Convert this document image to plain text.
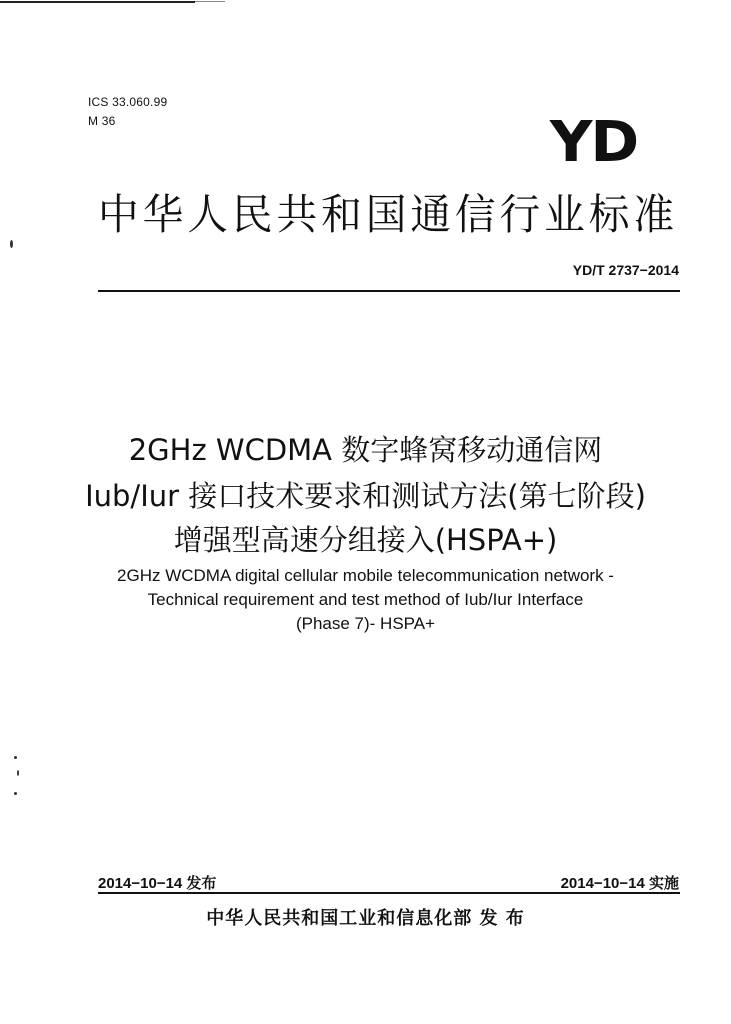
ICS 33.060.99
M 36	YD
中华人民共和国通信行业标准
YD/T 2737−2014
2GHz WCDMA 数字蜂窝移动通信网
Iub/Iur 接口技术要求和测试方法(第七阶段)
增强型高速分组接入(HSPA+)
2GHz WCDMA digital cellular mobile telecommunication network -
Technical requirement and test method of Iub/Iur Interface
(Phase 7)- HSPA+
2014−10−14 发布	2014−10−14 实施
中华人民共和国工业和信息化部 发 布
